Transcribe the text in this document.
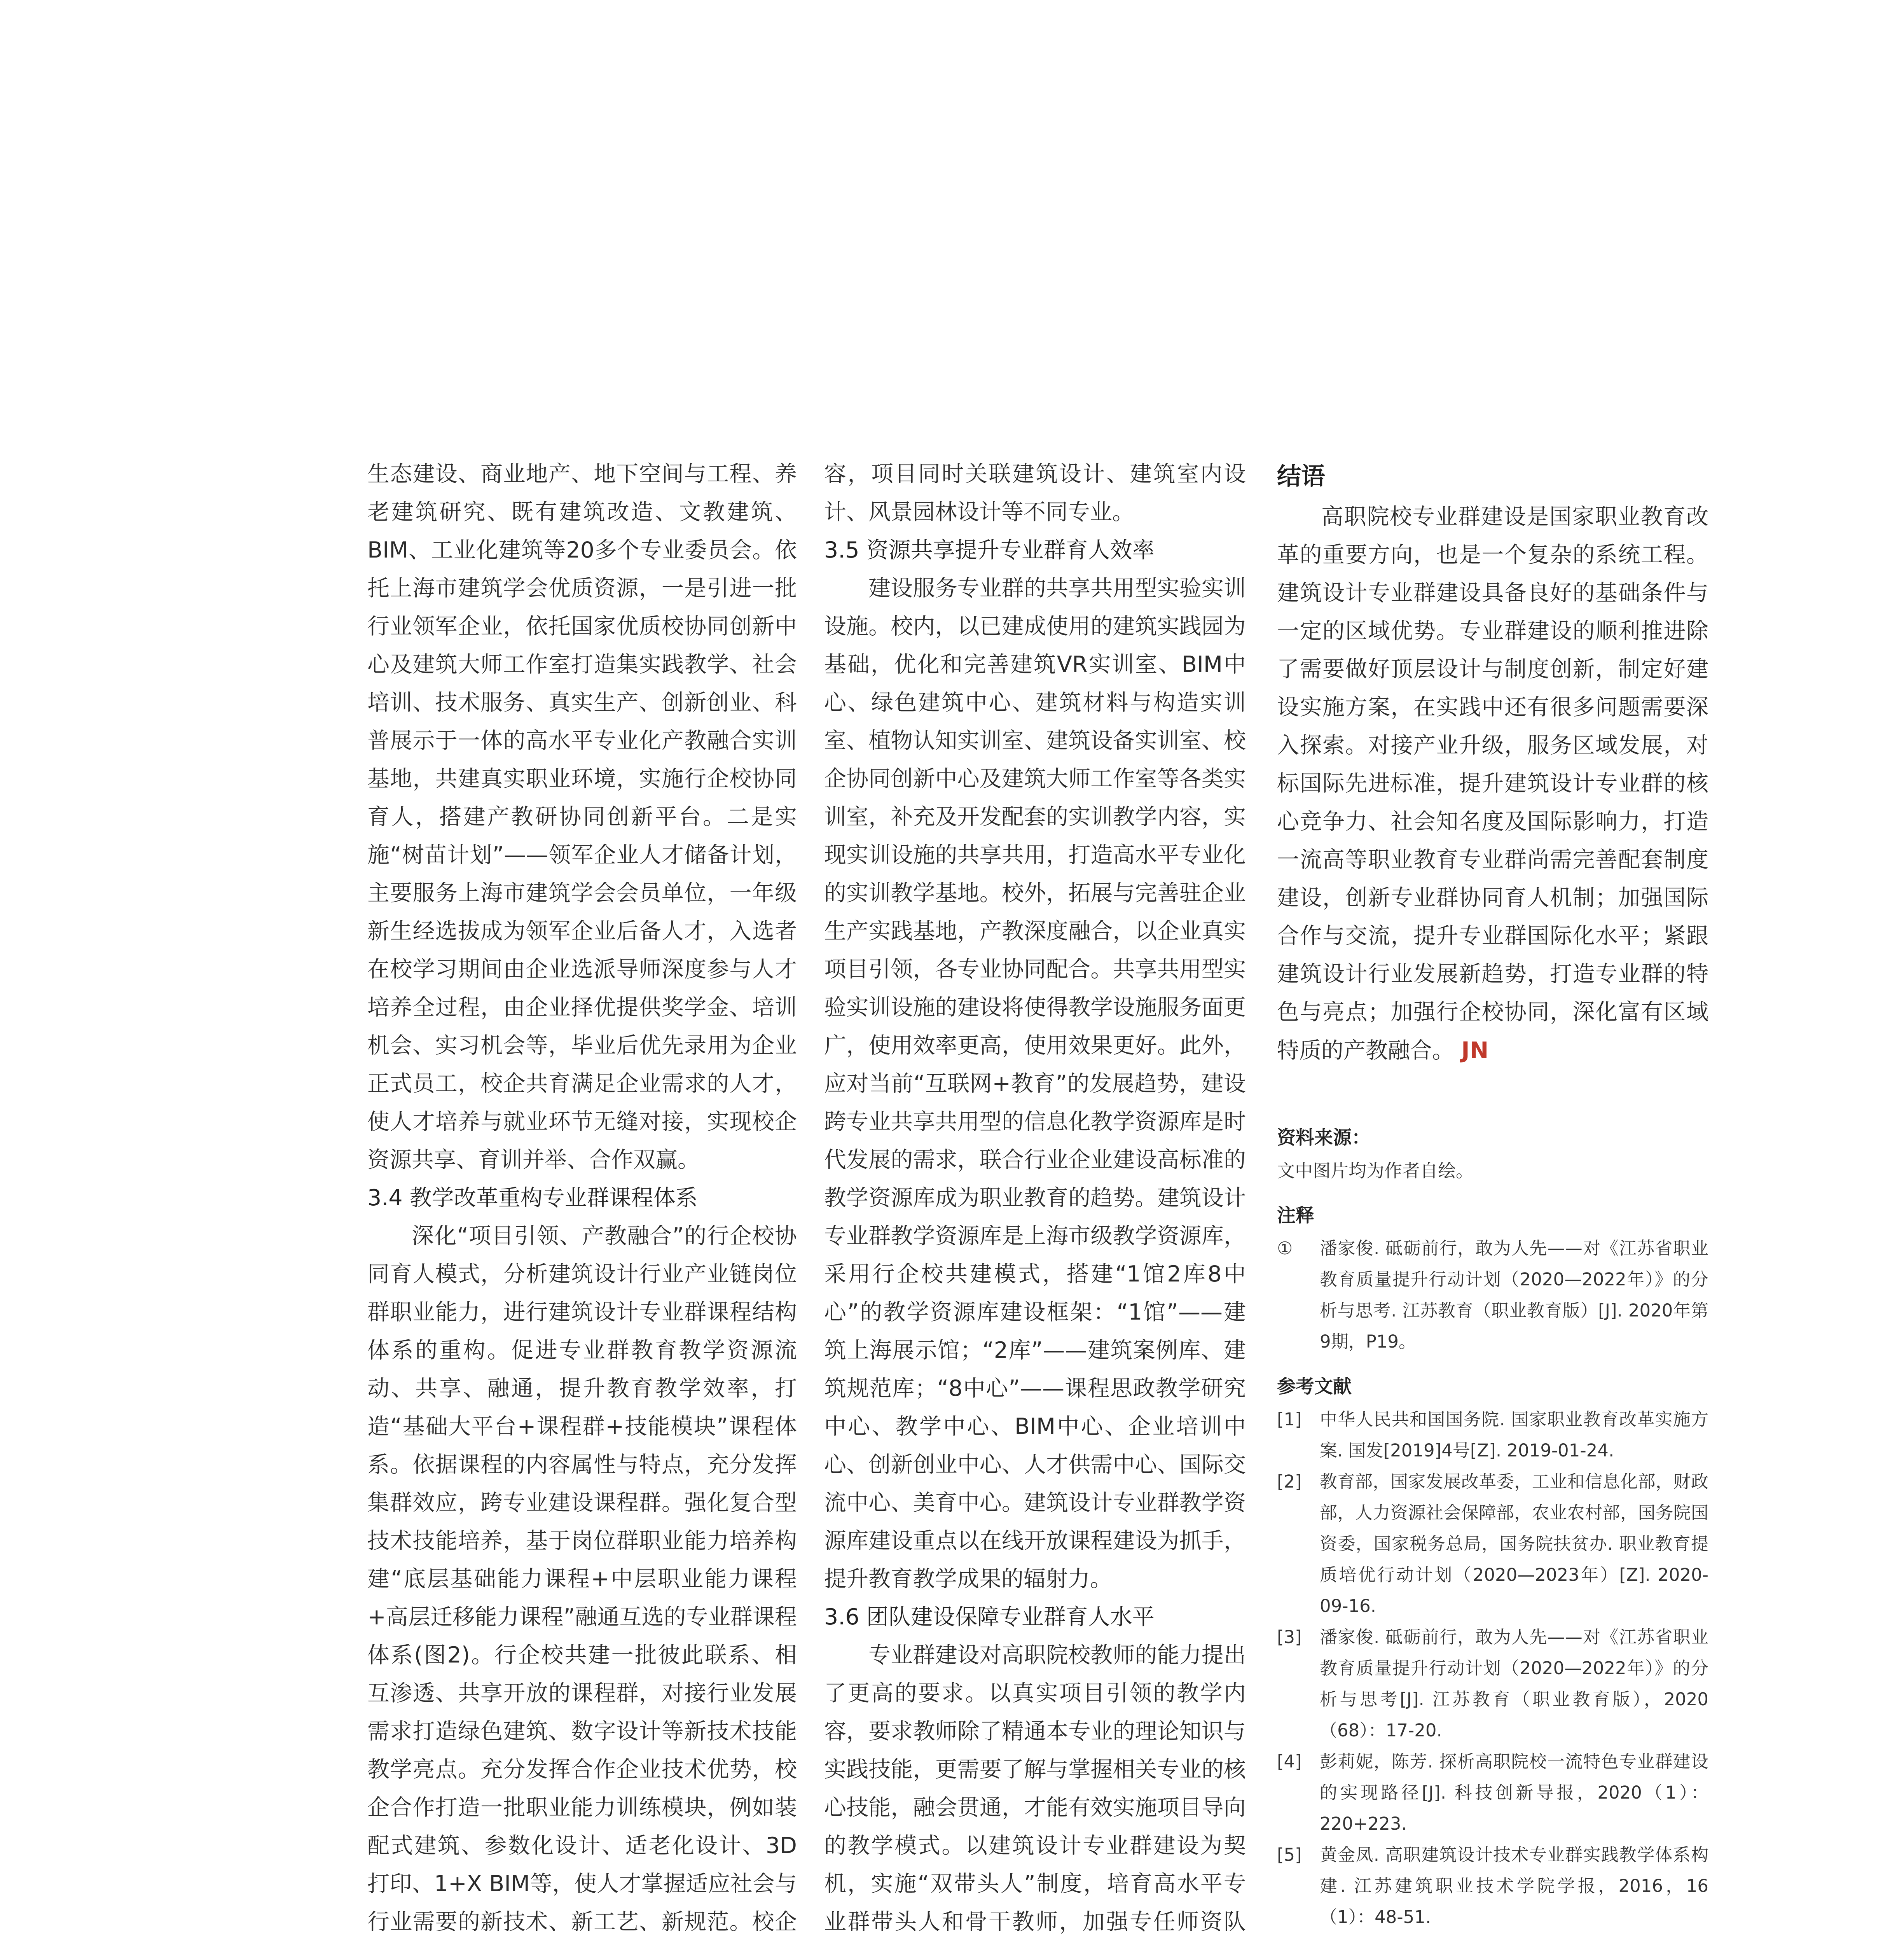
生态建设、商业地产、地下空间与工程、养老建筑研究、既有建筑改造、文教建筑、BIM、工业化建筑等20多个专业委员会。依托上海市建筑学会优质资源，一是引进一批行业领军企业，依托国家优质校协同创新中心及建筑大师工作室打造集实践教学、社会培训、技术服务、真实生产、创新创业、科普展示于一体的高水平专业化产教融合实训基地，共建真实职业环境，实施行企校协同育人，搭建产教研协同创新平台。二是实施“树苗计划”——领军企业人才储备计划，主要服务上海市建筑学会会员单位，一年级新生经选拔成为领军企业后备人才，入选者在校学习期间由企业选派导师深度参与人才培养全过程，由企业择优提供奖学金、培训机会、实习机会等，毕业后优先录用为企业正式员工，校企共育满足企业需求的人才，使人才培养与就业环节无缝对接，实现校企资源共享、育训并举、合作双赢。

3.4 教学改革重构专业群课程体系

深化“项目引领、产教融合”的行企校协同育人模式，分析建筑设计行业产业链岗位群职业能力，进行建筑设计专业群课程结构体系的重构。促进专业群教育教学资源流动、共享、融通，提升教育教学效率，打造“基础大平台+课程群+技能模块”课程体系。依据课程的内容属性与特点，充分发挥集群效应，跨专业建设课程群。强化复合型技术技能培养，基于岗位群职业能力培养构建“底层基础能力课程+中层职业能力课程+高层迁移能力课程”融通互选的专业群课程体系(图2)。行企校共建一批彼此联系、相互渗透、共享开放的课程群，对接行业发展需求打造绿色建筑、数字设计等新技术技能教学亮点。充分发挥合作企业技术优势，校企合作打造一批职业能力训练模块，例如装配式建筑、参数化设计、适老化设计、3D打印、1+X BIM等，使人才掌握适应社会与行业需要的新技术、新工艺、新规范。校企

容，项目同时关联建筑设计、建筑室内设计、风景园林设计等不同专业。

3.5 资源共享提升专业群育人效率

建设服务专业群的共享共用型实验实训设施。校内，以已建成使用的建筑实践园为基础，优化和完善建筑VR实训室、BIM中心、绿色建筑中心、建筑材料与构造实训室、植物认知实训室、建筑设备实训室、校企协同创新中心及建筑大师工作室等各类实训室，补充及开发配套的实训教学内容，实现实训设施的共享共用，打造高水平专业化的实训教学基地。校外，拓展与完善驻企业生产实践基地，产教深度融合，以企业真实项目引领，各专业协同配合。共享共用型实验实训设施的建设将使得教学设施服务面更广，使用效率更高，使用效果更好。此外，应对当前“互联网+教育”的发展趋势，建设跨专业共享共用型的信息化教学资源库是时代发展的需求，联合行业企业建设高标准的教学资源库成为职业教育的趋势。建筑设计专业群教学资源库是上海市级教学资源库，采用行企校共建模式，搭建“1馆2库8中心”的教学资源库建设框架：“1馆”——建筑上海展示馆；“2库”——建筑案例库、建筑规范库；“8中心”——课程思政教学研究中心、教学中心、BIM中心、企业培训中心、创新创业中心、人才供需中心、国际交流中心、美育中心。建筑设计专业群教学资源库建设重点以在线开放课程建设为抓手，提升教育教学成果的辐射力。

3.6 团队建设保障专业群育人水平

专业群建设对高职院校教师的能力提出了更高的要求。以真实项目引领的教学内容，要求教师除了精通本专业的理论知识与实践技能，更需要了解与掌握相关专业的核心技能，融会贯通，才能有效实施项目导向的教学模式。以建筑设计专业群建设为契机，实施“双带头人”制度，培育高水平专业群带头人和骨干教师，加强专任师资队

结语

高职院校专业群建设是国家职业教育改革的重要方向，也是一个复杂的系统工程。建筑设计专业群建设具备良好的基础条件与一定的区域优势。专业群建设的顺利推进除了需要做好顶层设计与制度创新，制定好建设实施方案，在实践中还有很多问题需要深入探索。对接产业升级，服务区域发展，对标国际先进标准，提升建筑设计专业群的核心竞争力、社会知名度及国际影响力，打造一流高等职业教育专业群尚需完善配套制度建设，创新专业群协同育人机制；加强国际合作与交流，提升专业群国际化水平；紧跟建筑设计行业发展新趋势，打造专业群的特色与亮点；加强行企校协同，深化富有区域特质的产教融合。 JN

资料来源：

文中图片均为作者自绘。

注释

①	潘家俊. 砥砺前行，敢为人先——对《江苏省职业教育质量提升行动计划（2020—2022年）》的分析与思考. 江苏教育（职业教育版）[J]. 2020年第9期，P19。

参考文献

[1]	中华人民共和国国务院. 国家职业教育改革实施方案. 国发[2019]4号[Z]. 2019-01-24.
[2]	教育部，国家发展改革委，工业和信息化部，财政部，人力资源社会保障部，农业农村部，国务院国资委，国家税务总局，国务院扶贫办. 职业教育提质培优行动计划（2020—2023年）[Z]. 2020-09-16.
[3]	潘家俊. 砥砺前行，敢为人先——对《江苏省职业教育质量提升行动计划（2020—2022年）》的分析与思考[J]. 江苏教育（职业教育版），2020（68）：17-20.
[4]	彭莉妮，陈芳. 探析高职院校一流特色专业群建设的实现路径[J]. 科技创新导报，2020（1）：220+223.
[5]	黄金凤. 高职建筑设计技术专业群实践教学体系构建. 江苏建筑职业技术学院学报，2016，16（1）：48-51.
